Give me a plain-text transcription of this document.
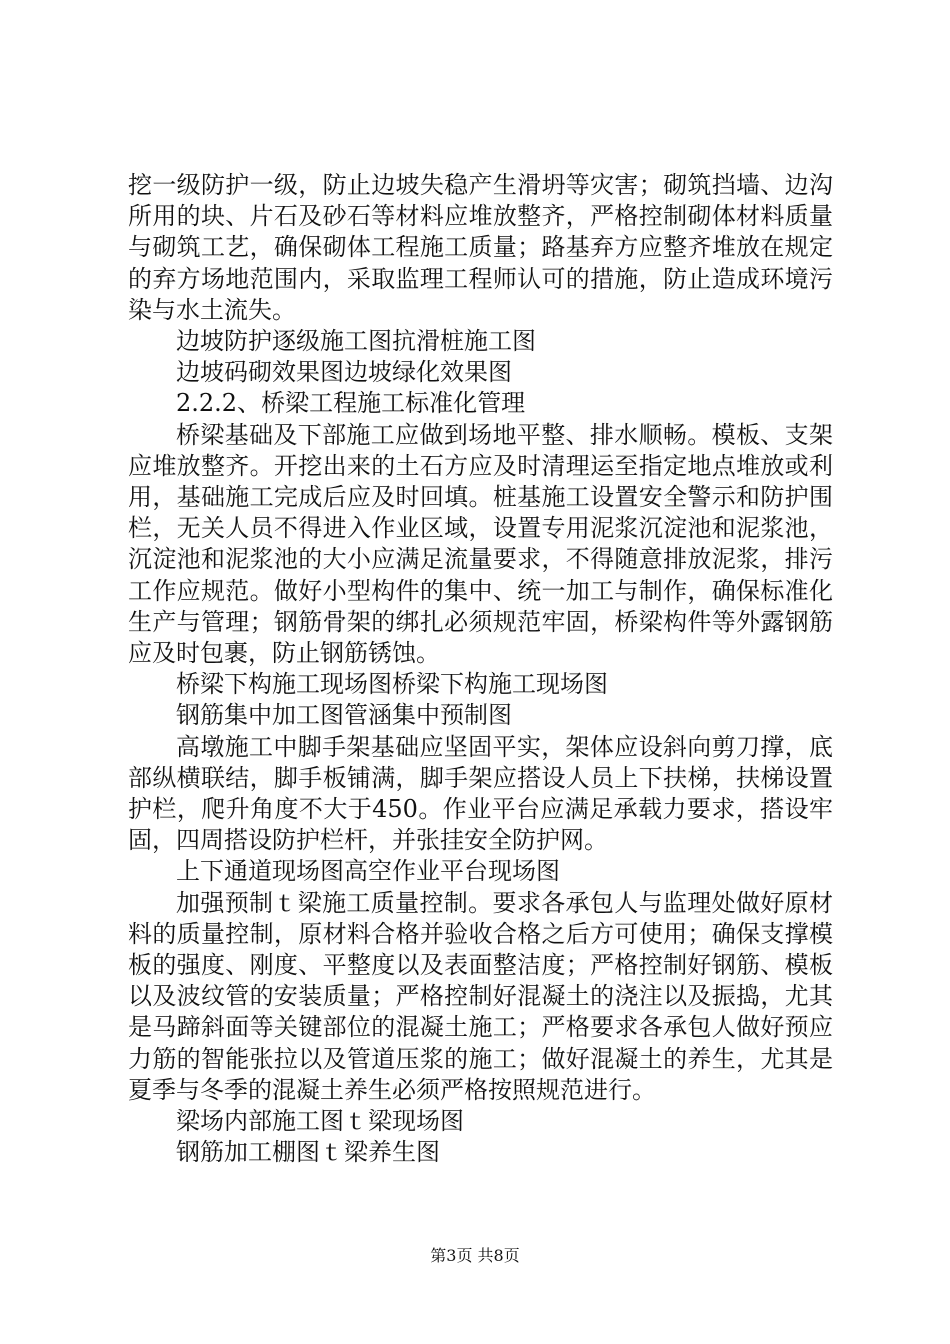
挖一级防护一级，防止边坡失稳产生滑坍等灾害；砌筑挡墙、边沟所用的块、片石及砂石等材料应堆放整齐，严格控制砌体材料质量与砌筑工艺，确保砌体工程施工质量；路基弃方应整齐堆放在规定的弃方场地范围内，采取监理工程师认可的措施，防止造成环境污染与水土流失。

边坡防护逐级施工图抗滑桩施工图

边坡码砌效果图边坡绿化效果图

2.2.2、桥梁工程施工标准化管理

桥梁基础及下部施工应做到场地平整、排水顺畅。模板、支架应堆放整齐。开挖出来的土石方应及时清理运至指定地点堆放或利用，基础施工完成后应及时回填。桩基施工设置安全警示和防护围栏，无关人员不得进入作业区域，设置专用泥浆沉淀池和泥浆池，沉淀池和泥浆池的大小应满足流量要求，不得随意排放泥浆，排污工作应规范。做好小型构件的集中、统一加工与制作，确保标准化生产与管理；钢筋骨架的绑扎必须规范牢固，桥梁构件等外露钢筋应及时包裹，防止钢筋锈蚀。

桥梁下构施工现场图桥梁下构施工现场图

钢筋集中加工图管涵集中预制图

高墩施工中脚手架基础应坚固平实，架体应设斜向剪刀撑，底部纵横联结，脚手板铺满，脚手架应搭设人员上下扶梯，扶梯设置护栏，爬升角度不大于450。作业平台应满足承载力要求，搭设牢固，四周搭设防护栏杆，并张挂安全防护网。

上下通道现场图高空作业平台现场图

加强预制ｔ梁施工质量控制。要求各承包人与监理处做好原材料的质量控制，原材料合格并验收合格之后方可使用；确保支撑模板的强度、刚度、平整度以及表面整洁度；严格控制好钢筋、模板以及波纹管的安装质量；严格控制好混凝土的浇注以及振捣，尤其是马蹄斜面等关键部位的混凝土施工；严格要求各承包人做好预应力筋的智能张拉以及管道压浆的施工；做好混凝土的养生，尤其是夏季与冬季的混凝土养生必须严格按照规范进行。

梁场内部施工图ｔ梁现场图

钢筋加工棚图ｔ梁养生图

第3页 共8页
